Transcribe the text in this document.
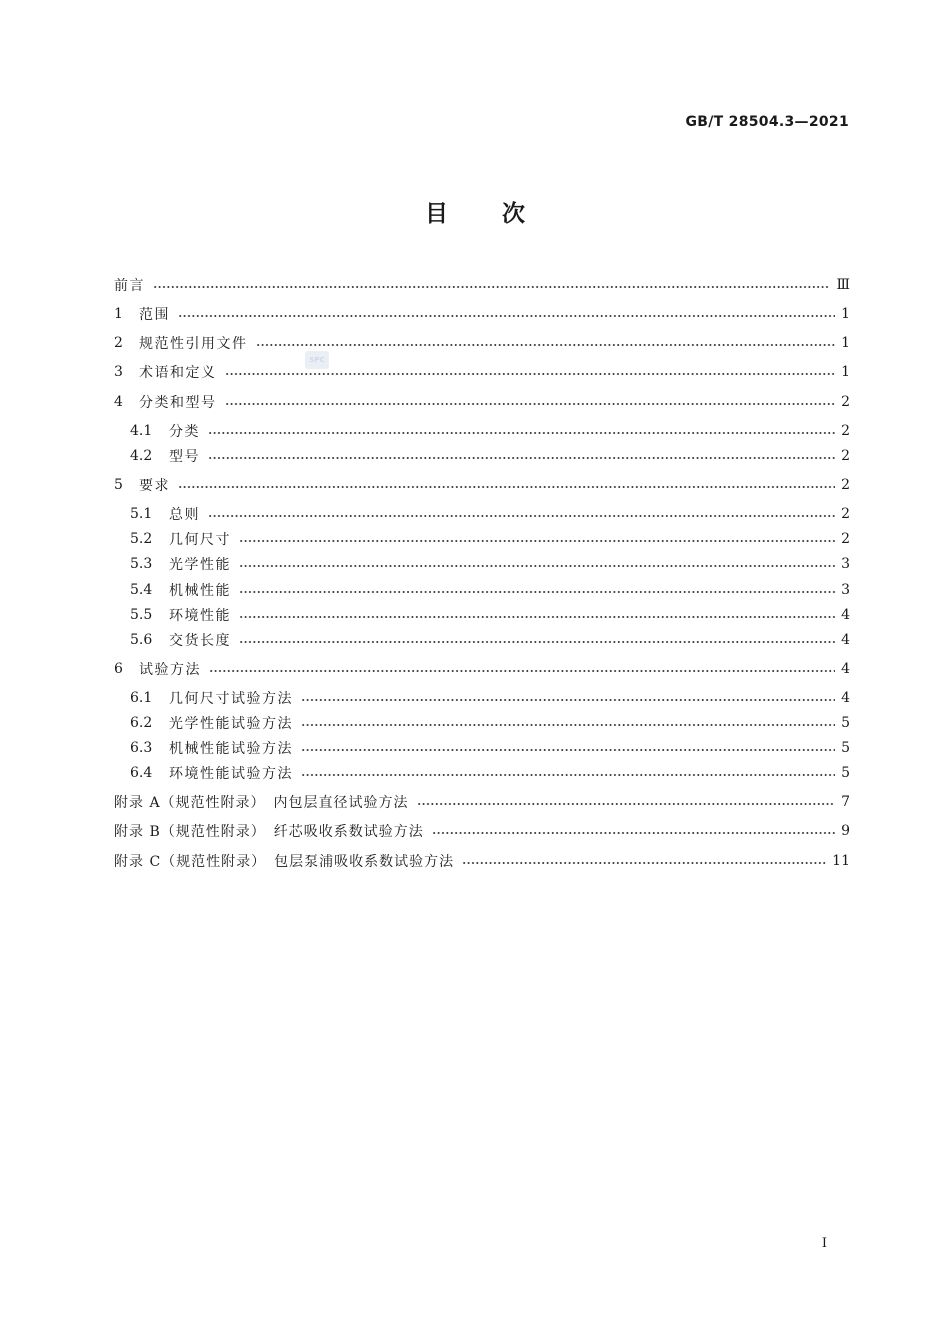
GB/T 28504.3—2021
目 次
SPC
前言	Ⅲ
1	范围	1
2	规范性引用文件	1
3	术语和定义	1
4	分类和型号	2
4.1	分类	2
4.2	型号	2
5	要求	2
5.1	总则	2
5.2	几何尺寸	2
5.3	光学性能	3
5.4	机械性能	3
5.5	环境性能	4
5.6	交货长度	4
6	试验方法	4
6.1	几何尺寸试验方法	4
6.2	光学性能试验方法	5
6.3	机械性能试验方法	5
6.4	环境性能试验方法	5
附录 A（规范性附录）　内包层直径试验方法	7
附录 B（规范性附录）　纤芯吸收系数试验方法	9
附录 C（规范性附录）　包层泵浦吸收系数试验方法	11
I
